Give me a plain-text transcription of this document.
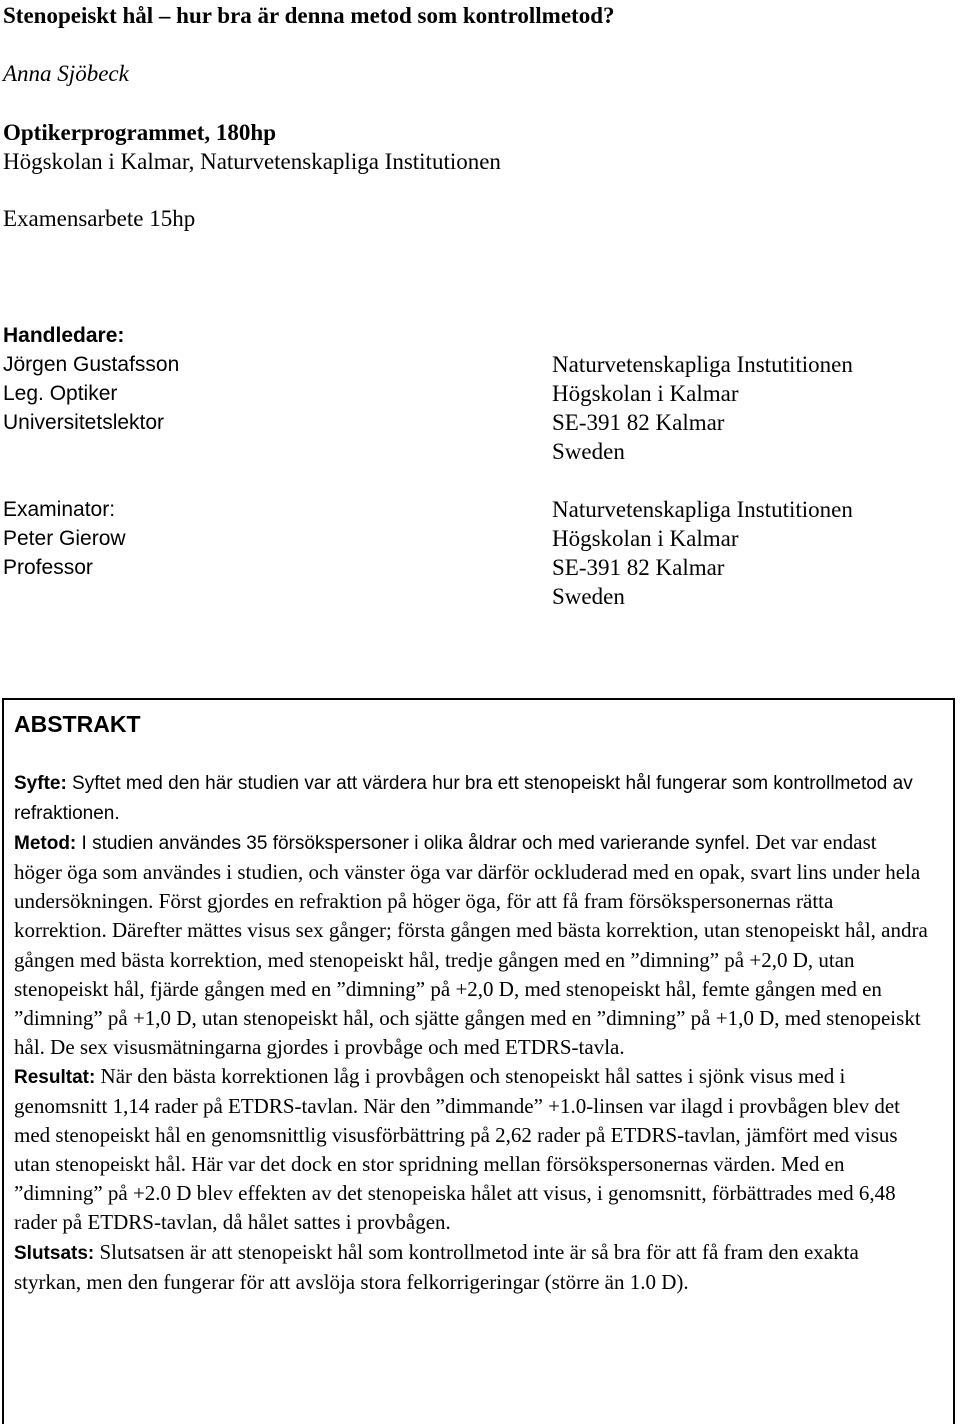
Stenopeiskt hål – hur bra är denna metod som kontrollmetod?
Anna Sjöbeck
Optikerprogrammet, 180hp
Högskolan i Kalmar, Naturvetenskapliga Institutionen
Examensarbete 15hp
Handledare:
Jörgen Gustafsson
Leg. Optiker
Universitetslektor
Naturvetenskapliga Instutitionen
Högskolan i Kalmar
SE-391 82 Kalmar
Sweden
Examinator:
Peter Gierow
Professor
Naturvetenskapliga Instutitionen
Högskolan i Kalmar
SE-391 82 Kalmar
Sweden
ABSTRAKT

Syfte: Syftet med den här studien var att värdera hur bra ett stenopeiskt hål fungerar som kontrollmetod av refraktionen.

Metod: I studien användes 35 försökspersoner i olika åldrar och med varierande synfel. Det var endast höger öga som användes i studien, och vänster öga var därför ockluderad med en opak, svart lins under hela undersökningen. Först gjordes en refraktion på höger öga, för att få fram försökspersonernas rätta korrektion. Därefter mättes visus sex gånger; första gången med bästa korrektion, utan stenopeiskt hål, andra gången med bästa korrektion, med stenopeiskt hål, tredje gången med en ”dimning” på +2,0 D, utan stenopeiskt hål, fjärde gången med en ”dimning” på +2,0 D, med stenopeiskt hål, femte gången med en ”dimning” på +1,0 D, utan stenopeiskt hål, och sjätte gången med en ”dimning” på +1,0 D, med stenopeiskt hål. De sex visusmätningarna gjordes i provbåge och med ETDRS-tavla.

Resultat: När den bästa korrektionen låg i provbågen och stenopeiskt hål sattes i sjönk visus med i genomsnitt 1,14 rader på ETDRS-tavlan. När den ”dimmande” +1.0-linsen var ilagd i provbågen blev det med stenopeiskt hål en genomsnittlig visusförbättring på 2,62 rader på ETDRS-tavlan, jämfört med visus utan stenopeiskt hål. Här var det dock en stor spridning mellan försökspersonernas värden. Med en ”dimning” på +2.0 D blev effekten av det stenopeiska hålet att visus, i genomsnitt, förbättrades med 6,48 rader på ETDRS-tavlan, då hålet sattes i provbågen.

Slutsats: Slutsatsen är att stenopeiskt hål som kontrollmetod inte är så bra för att få fram den exakta styrkan, men den fungerar för att avslöja stora felkorrigeringar (större än 1.0 D).
